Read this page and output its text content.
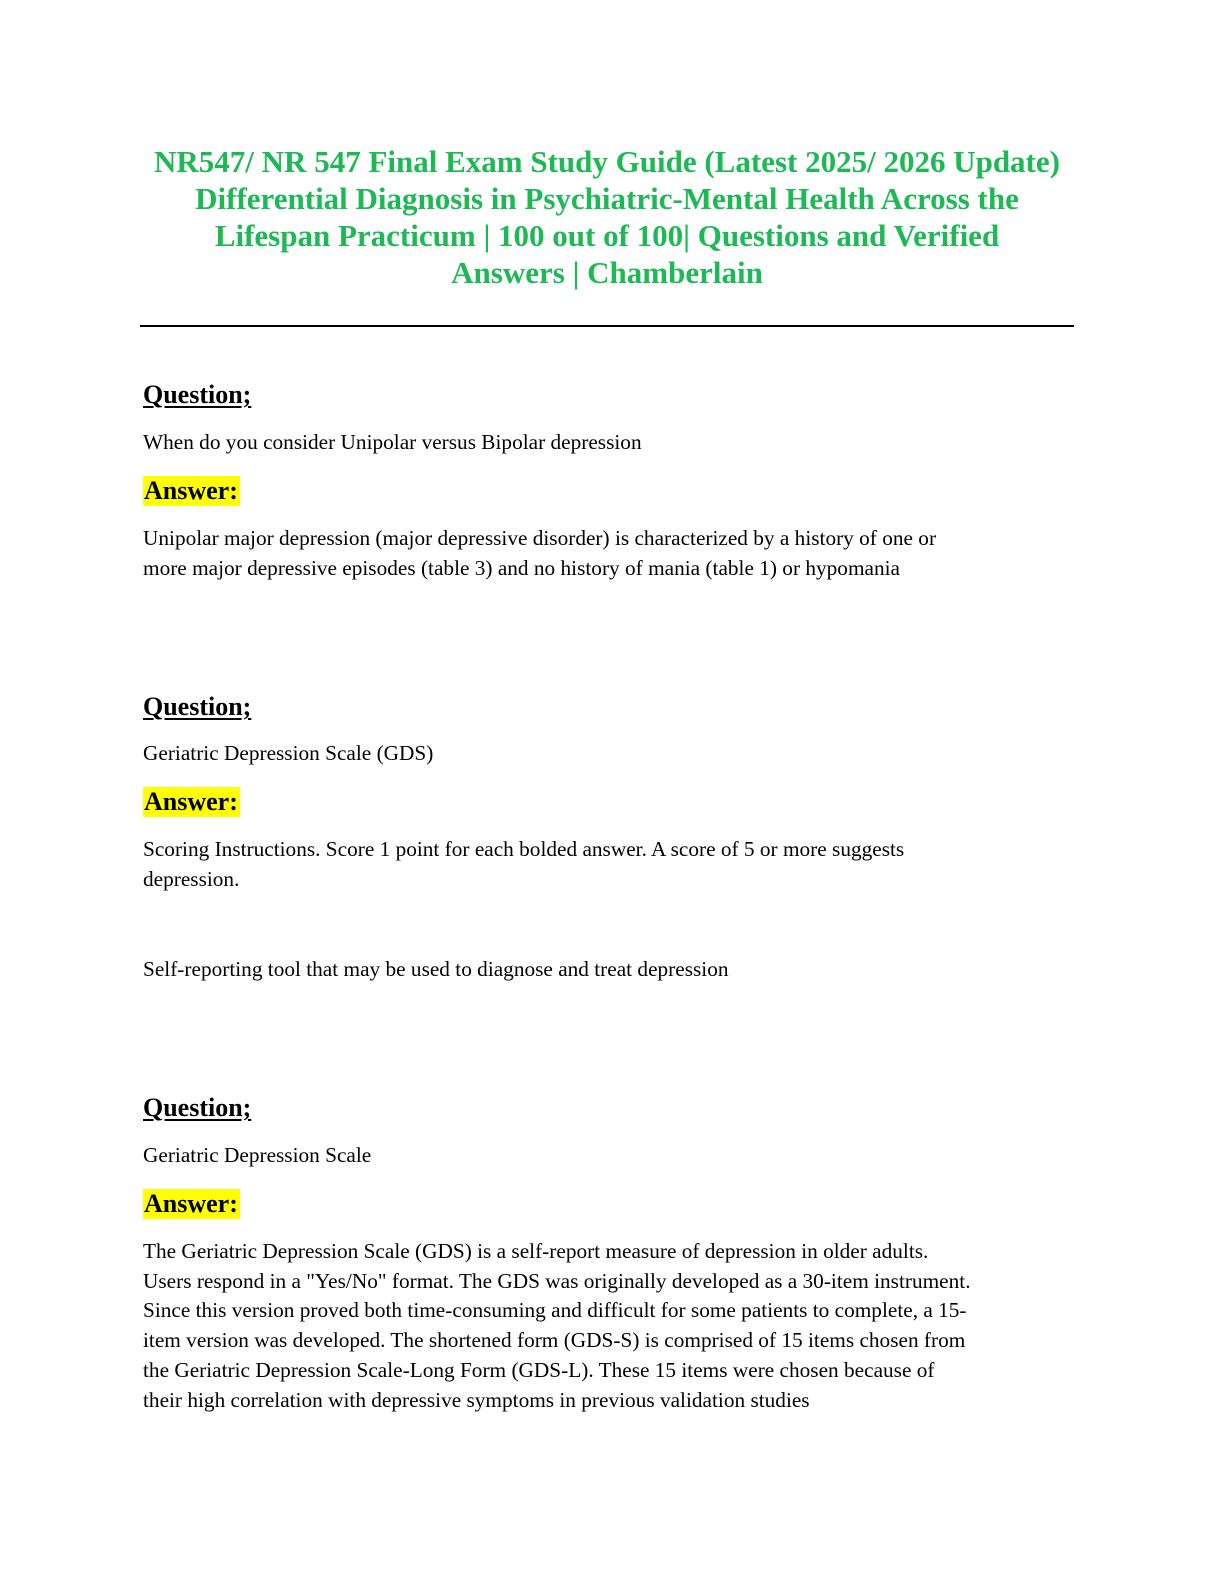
NR547/ NR 547 Final Exam Study Guide (Latest 2025/ 2026 Update)
Differential Diagnosis in Psychiatric-Mental Health Across the
Lifespan Practicum | 100 out of 100| Questions and Verified
Answers | Chamberlain
Question;
When do you consider Unipolar versus Bipolar depression
Answer:
Unipolar major depression (major depressive disorder) is characterized by a history of one or
more major depressive episodes (table 3) and no history of mania (table 1) or hypomania
Question;
Geriatric Depression Scale (GDS)
Answer:
Scoring Instructions. Score 1 point for each bolded answer. A score of 5 or more suggests
depression.
Self-reporting tool that may be used to diagnose and treat depression
Question;
Geriatric Depression Scale
Answer:
The Geriatric Depression Scale (GDS) is a self-report measure of depression in older adults.
Users respond in a "Yes/No" format. The GDS was originally developed as a 30-item instrument.
Since this version proved both time-consuming and difficult for some patients to complete, a 15-
item version was developed. The shortened form (GDS-S) is comprised of 15 items chosen from
the Geriatric Depression Scale-Long Form (GDS-L). These 15 items were chosen because of
their high correlation with depressive symptoms in previous validation studies
